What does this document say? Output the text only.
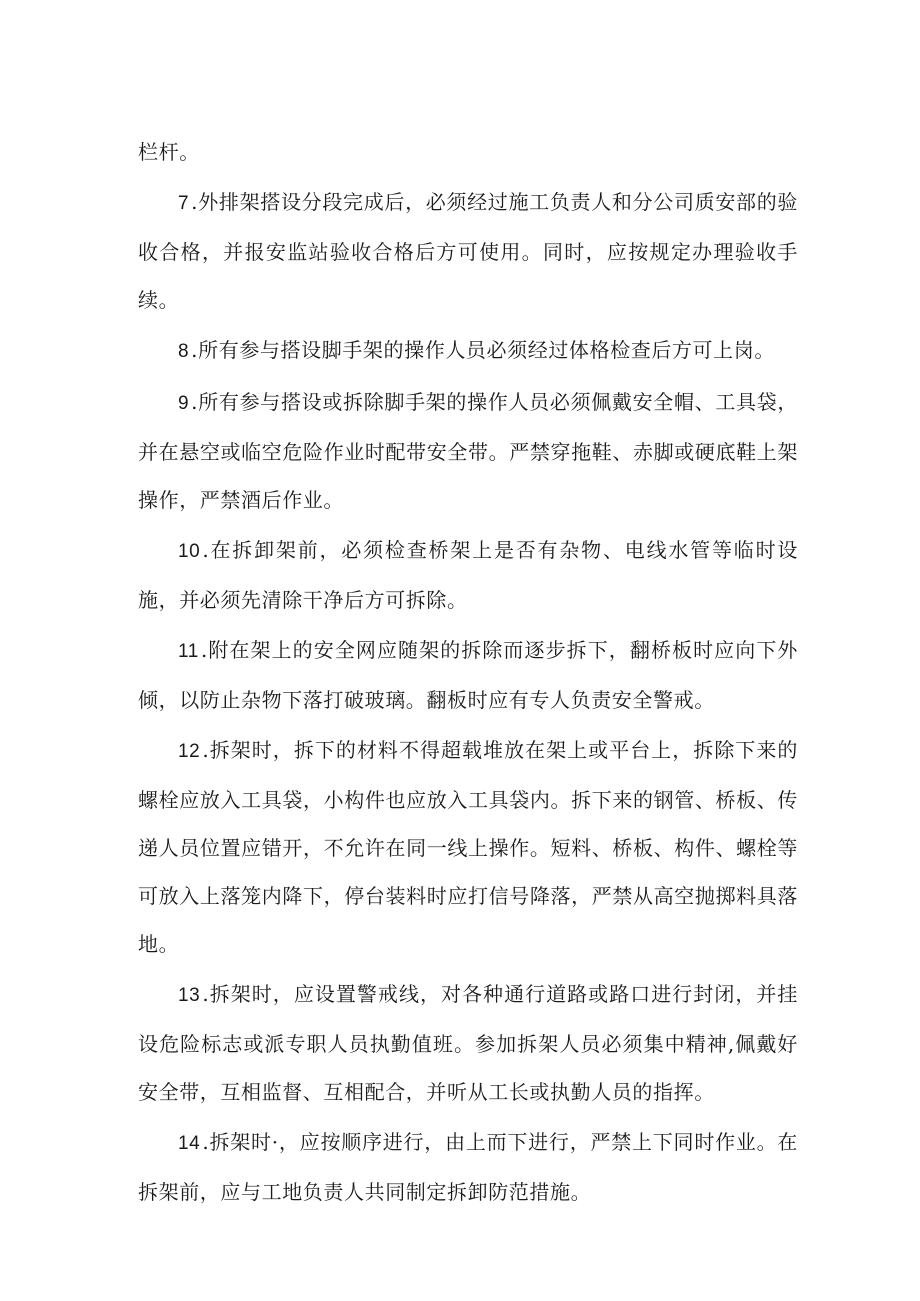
栏杆。

7 .外排架搭设分段完成后，必须经过施工负责人和分公司质安部的验收合格，并报安监站验收合格后方可使用。同时，应按规定办理验收手续。

8 .所有参与搭设脚手架的操作人员必须经过体格检查后方可上岗。

9 .所有参与搭设或拆除脚手架的操作人员必须佩戴安全帽、工具袋，并在悬空或临空危险作业时配带安全带。严禁穿拖鞋、赤脚或硬底鞋上架操作，严禁酒后作业。

10 .在拆卸架前，必须检查桥架上是否有杂物、电线水管等临时设施，并必须先清除干净后方可拆除。

11 .附在架上的安全网应随架的拆除而逐步拆下，翻桥板时应向下外倾，以防止杂物下落打破玻璃。翻板时应有专人负责安全警戒。

12 .拆架时，拆下的材料不得超载堆放在架上或平台上，拆除下来的螺栓应放入工具袋，小构件也应放入工具袋内。拆下来的钢管、桥板、传递人员位置应错开，不允许在同一线上操作。短料、桥板、构件、螺栓等可放入上落笼内降下，停台装料时应打信号降落，严禁从高空抛掷料具落地。

13 .拆架时，应设置警戒线，对各种通行道路或路口进行封闭，并挂设危险标志或派专职人员执勤值班。参加拆架人员必须集中精神,佩戴好安全带，互相监督、互相配合，并听从工长或执勤人员的指挥。

14 .拆架时·，应按顺序进行，由上而下进行，严禁上下同时作业。在拆架前，应与工地负责人共同制定拆卸防范措施。
